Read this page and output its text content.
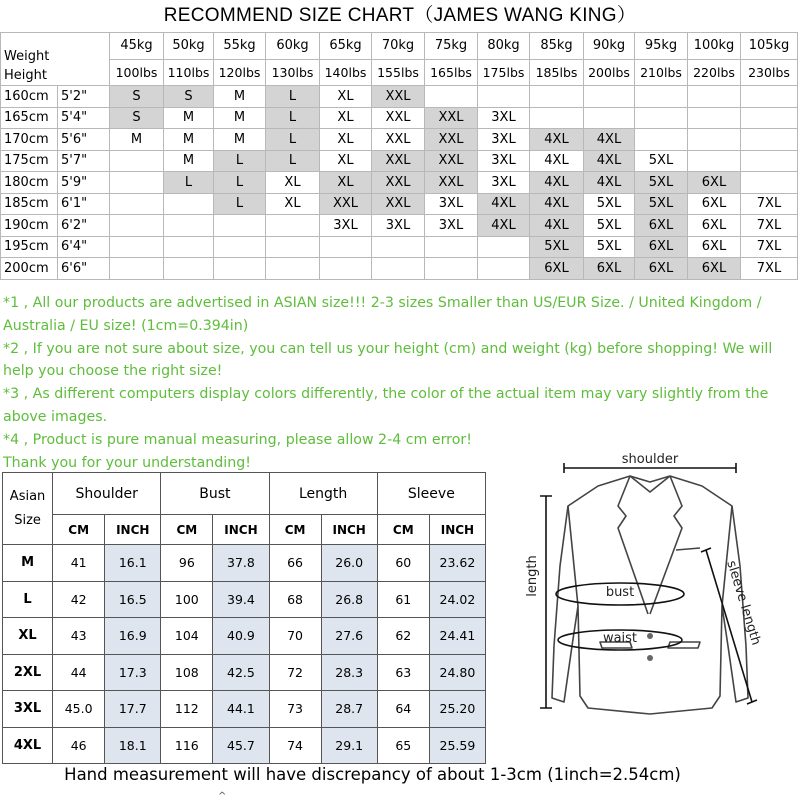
RECOMMEND SIZE CHART（JAMES WANG KING）
Weight
Height		45kg	50kg	55kg	60kg	65kg	70kg	75kg	80kg	85kg	90kg	95kg	100kg	105kg
		100lbs	110lbs	120lbs	130lbs	140lbs	155lbs	165lbs	175lbs	185lbs	200lbs	210lbs	220lbs	230lbs
160cm	5'2"	S	S	M	L	XL	XXL							
165cm	5'4"	S	M	M	L	XL	XXL	XXL	3XL					
170cm	5'6"	M	M	M	L	XL	XXL	XXL	3XL	4XL	4XL			
175cm	5'7"		M	L	L	XL	XXL	XXL	3XL	4XL	4XL	5XL		
180cm	5'9"		L	L	XL	XL	XXL	XXL	3XL	4XL	4XL	5XL	6XL	
185cm	6'1"			L	XL	XXL	XXL	3XL	4XL	4XL	5XL	5XL	6XL	7XL
190cm	6'2"					3XL	3XL	3XL	4XL	4XL	5XL	6XL	6XL	7XL
195cm	6'4"									5XL	5XL	6XL	6XL	7XL
200cm	6'6"									6XL	6XL	6XL	6XL	7XL

*1 , All our products are advertised in ASIAN size!!! 2-3 sizes Smaller than US/EUR Size. / United Kingdom / Australia / EU size! (1cm=0.394in)

*2 , If you are not sure about size, you can tell us your height (cm) and weight (kg) before shopping! We will help you choose the right size!

*3 , As different computers display colors differently, the color of the actual item may vary slightly from the above images.

*4 , Product is pure manual measuring, please allow 2-4 cm error!

Thank you for your understanding!

Asian Size	Shoulder		Bust		Length		Sleeve	
	CM	INCH	CM	INCH	CM	INCH	CM	INCH
M	41	16.1	96	37.8	66	26.0	60	23.62
L	42	16.5	100	39.4	68	26.8	61	24.02
XL	43	16.9	104	40.9	70	27.6	62	24.41
2XL	44	17.3	108	42.5	72	28.3	63	24.80
3XL	45.0	17.7	112	44.1	73	28.7	64	25.20
4XL	46	18.1	116	45.7	74	29.1	65	25.59
shoulder
length	bust
waist	sleeve length
Hand measurement will have discrepancy of about 1-3cm (1inch=2.54cm)
^
